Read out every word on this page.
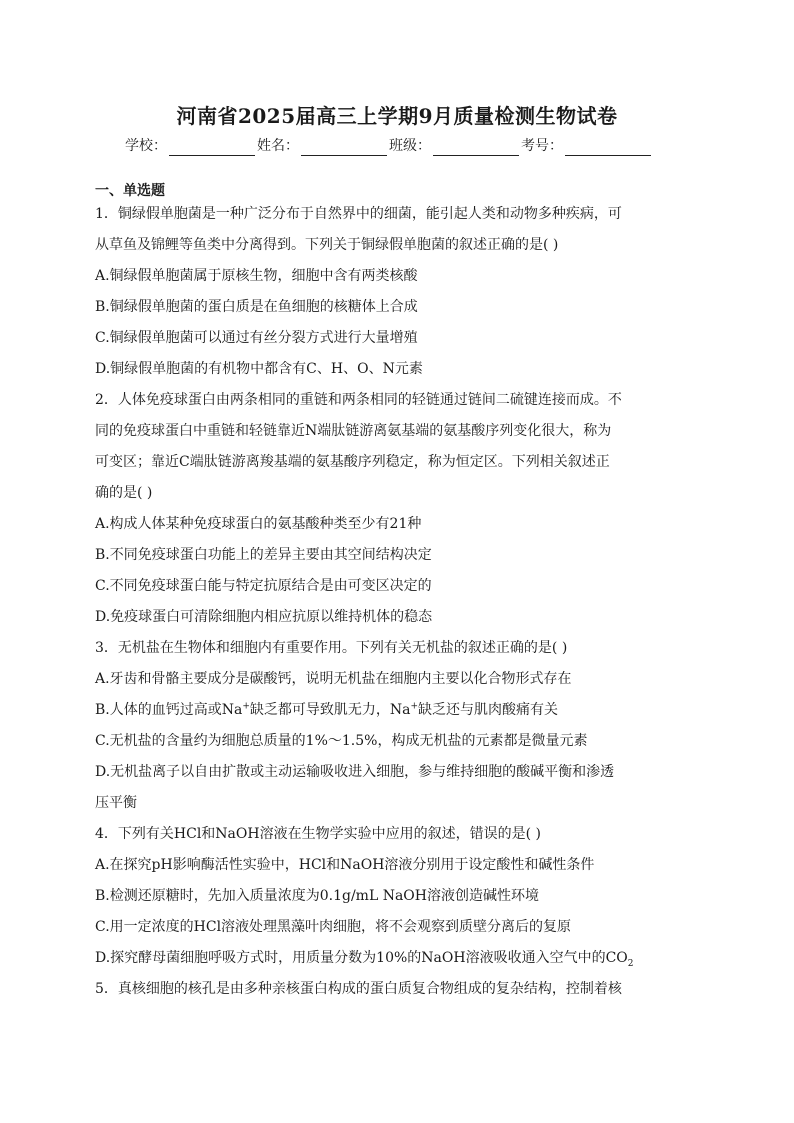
河南省2025届高三上学期9月质量检测生物试卷
学校：	姓名：	班级：	考号：
一、单选题
1．铜绿假单胞菌是一种广泛分布于自然界中的细菌，能引起人类和动物多种疾病，可
从草鱼及锦鲤等鱼类中分离得到。下列关于铜绿假单胞菌的叙述正确的是( )
A.铜绿假单胞菌属于原核生物，细胞中含有两类核酸
B.铜绿假单胞菌的蛋白质是在鱼细胞的核糖体上合成
C.铜绿假单胞菌可以通过有丝分裂方式进行大量增殖
D.铜绿假单胞菌的有机物中都含有C、H、O、N元素
2．人体免疫球蛋白由两条相同的重链和两条相同的轻链通过链间二硫键连接而成。不
同的免疫球蛋白中重链和轻链靠近N端肽链游离氨基端的氨基酸序列变化很大，称为
可变区；靠近C端肽链游离羧基端的氨基酸序列稳定，称为恒定区。下列相关叙述正
确的是( )
A.构成人体某种免疫球蛋白的氨基酸种类至少有21种
B.不同免疫球蛋白功能上的差异主要由其空间结构决定
C.不同免疫球蛋白能与特定抗原结合是由可变区决定的
D.免疫球蛋白可清除细胞内相应抗原以维持机体的稳态
3．无机盐在生物体和细胞内有重要作用。下列有关无机盐的叙述正确的是( )
A.牙齿和骨骼主要成分是碳酸钙，说明无机盐在细胞内主要以化合物形式存在
B.人体的血钙过高或Na+缺乏都可导致肌无力，Na+缺乏还与肌肉酸痛有关
C.无机盐的含量约为细胞总质量的1%～1.5%，构成无机盐的元素都是微量元素
D.无机盐离子以自由扩散或主动运输吸收进入细胞，参与维持细胞的酸碱平衡和渗透
压平衡
4．下列有关HCl和NaOH溶液在生物学实验中应用的叙述，错误的是( )
A.在探究pH影响酶活性实验中，HCl和NaOH溶液分别用于设定酸性和碱性条件
B.检测还原糖时，先加入质量浓度为0.1g/mL NaOH溶液创造碱性环境
C.用一定浓度的HCl溶液处理黑藻叶肉细胞，将不会观察到质壁分离后的复原
D.探究酵母菌细胞呼吸方式时，用质量分数为10%的NaOH溶液吸收通入空气中的$CO_2$
5．真核细胞的核孔是由多种亲核蛋白构成的蛋白质复合物组成的复杂结构，控制着核
